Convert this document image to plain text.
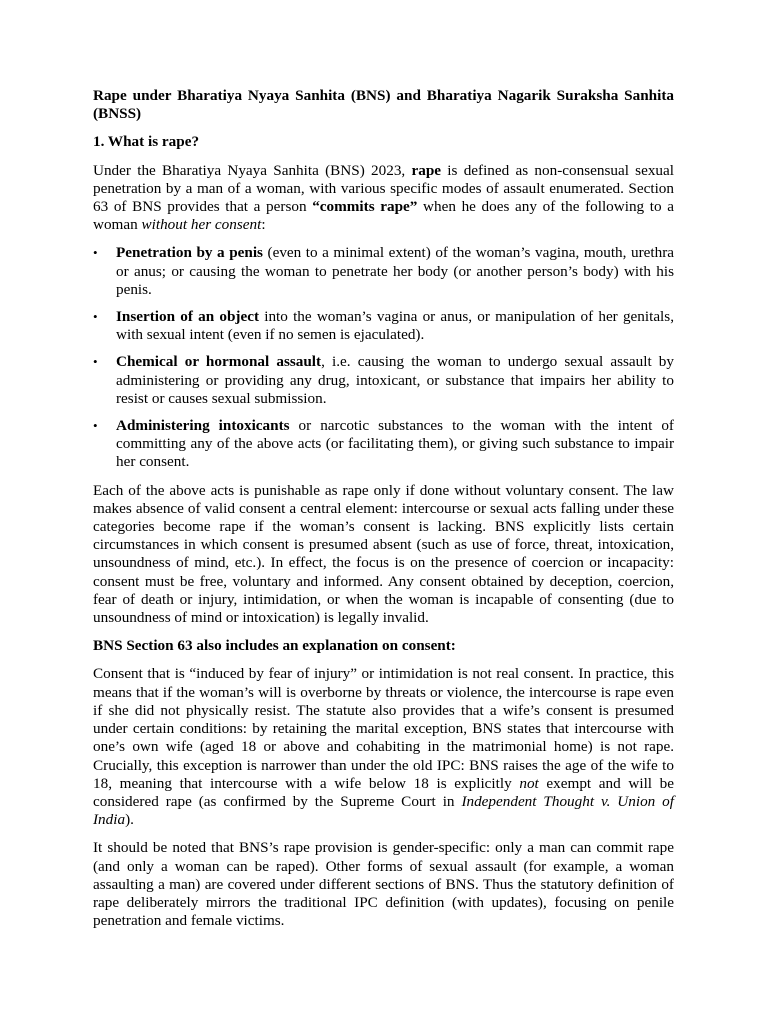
Rape under Bharatiya Nyaya Sanhita (BNS) and Bharatiya Nagarik Suraksha Sanhita (BNSS)

1. What is rape?

Under the Bharatiya Nyaya Sanhita (BNS) 2023, rape is defined as non-consensual sexual penetration by a man of a woman, with various specific modes of assault enumerated. Section 63 of BNS provides that a person “commits rape” when he does any of the following to a woman without her consent:

• Penetration by a penis (even to a minimal extent) of the woman’s vagina, mouth, urethra or anus; or causing the woman to penetrate her body (or another person’s body) with his penis.
• Insertion of an object into the woman’s vagina or anus, or manipulation of her genitals, with sexual intent (even if no semen is ejaculated).
• Chemical or hormonal assault, i.e. causing the woman to undergo sexual assault by administering or providing any drug, intoxicant, or substance that impairs her ability to resist or causes sexual submission.
• Administering intoxicants or narcotic substances to the woman with the intent of committing any of the above acts (or facilitating them), or giving such substance to impair her consent.

Each of the above acts is punishable as rape only if done without voluntary consent. The law makes absence of valid consent a central element: intercourse or sexual acts falling under these categories become rape if the woman’s consent is lacking. BNS explicitly lists certain circumstances in which consent is presumed absent (such as use of force, threat, intoxication, unsoundness of mind, etc.). In effect, the focus is on the presence of coercion or incapacity: consent must be free, voluntary and informed. Any consent obtained by deception, coercion, fear of death or injury, intimidation, or when the woman is incapable of consenting (due to unsoundness of mind or intoxication) is legally invalid.

BNS Section 63 also includes an explanation on consent:

Consent that is “induced by fear of injury” or intimidation is not real consent. In practice, this means that if the woman’s will is overborne by threats or violence, the intercourse is rape even if she did not physically resist. The statute also provides that a wife’s consent is presumed under certain conditions: by retaining the marital exception, BNS states that intercourse with one’s own wife (aged 18 or above and cohabiting in the matrimonial home) is not rape. Crucially, this exception is narrower than under the old IPC: BNS raises the age of the wife to 18, meaning that intercourse with a wife below 18 is explicitly not exempt and will be considered rape (as confirmed by the Supreme Court in Independent Thought v. Union of India).

It should be noted that BNS’s rape provision is gender-specific: only a man can commit rape (and only a woman can be raped). Other forms of sexual assault (for example, a woman assaulting a man) are covered under different sections of BNS. Thus the statutory definition of rape deliberately mirrors the traditional IPC definition (with updates), focusing on penile penetration and female victims.
